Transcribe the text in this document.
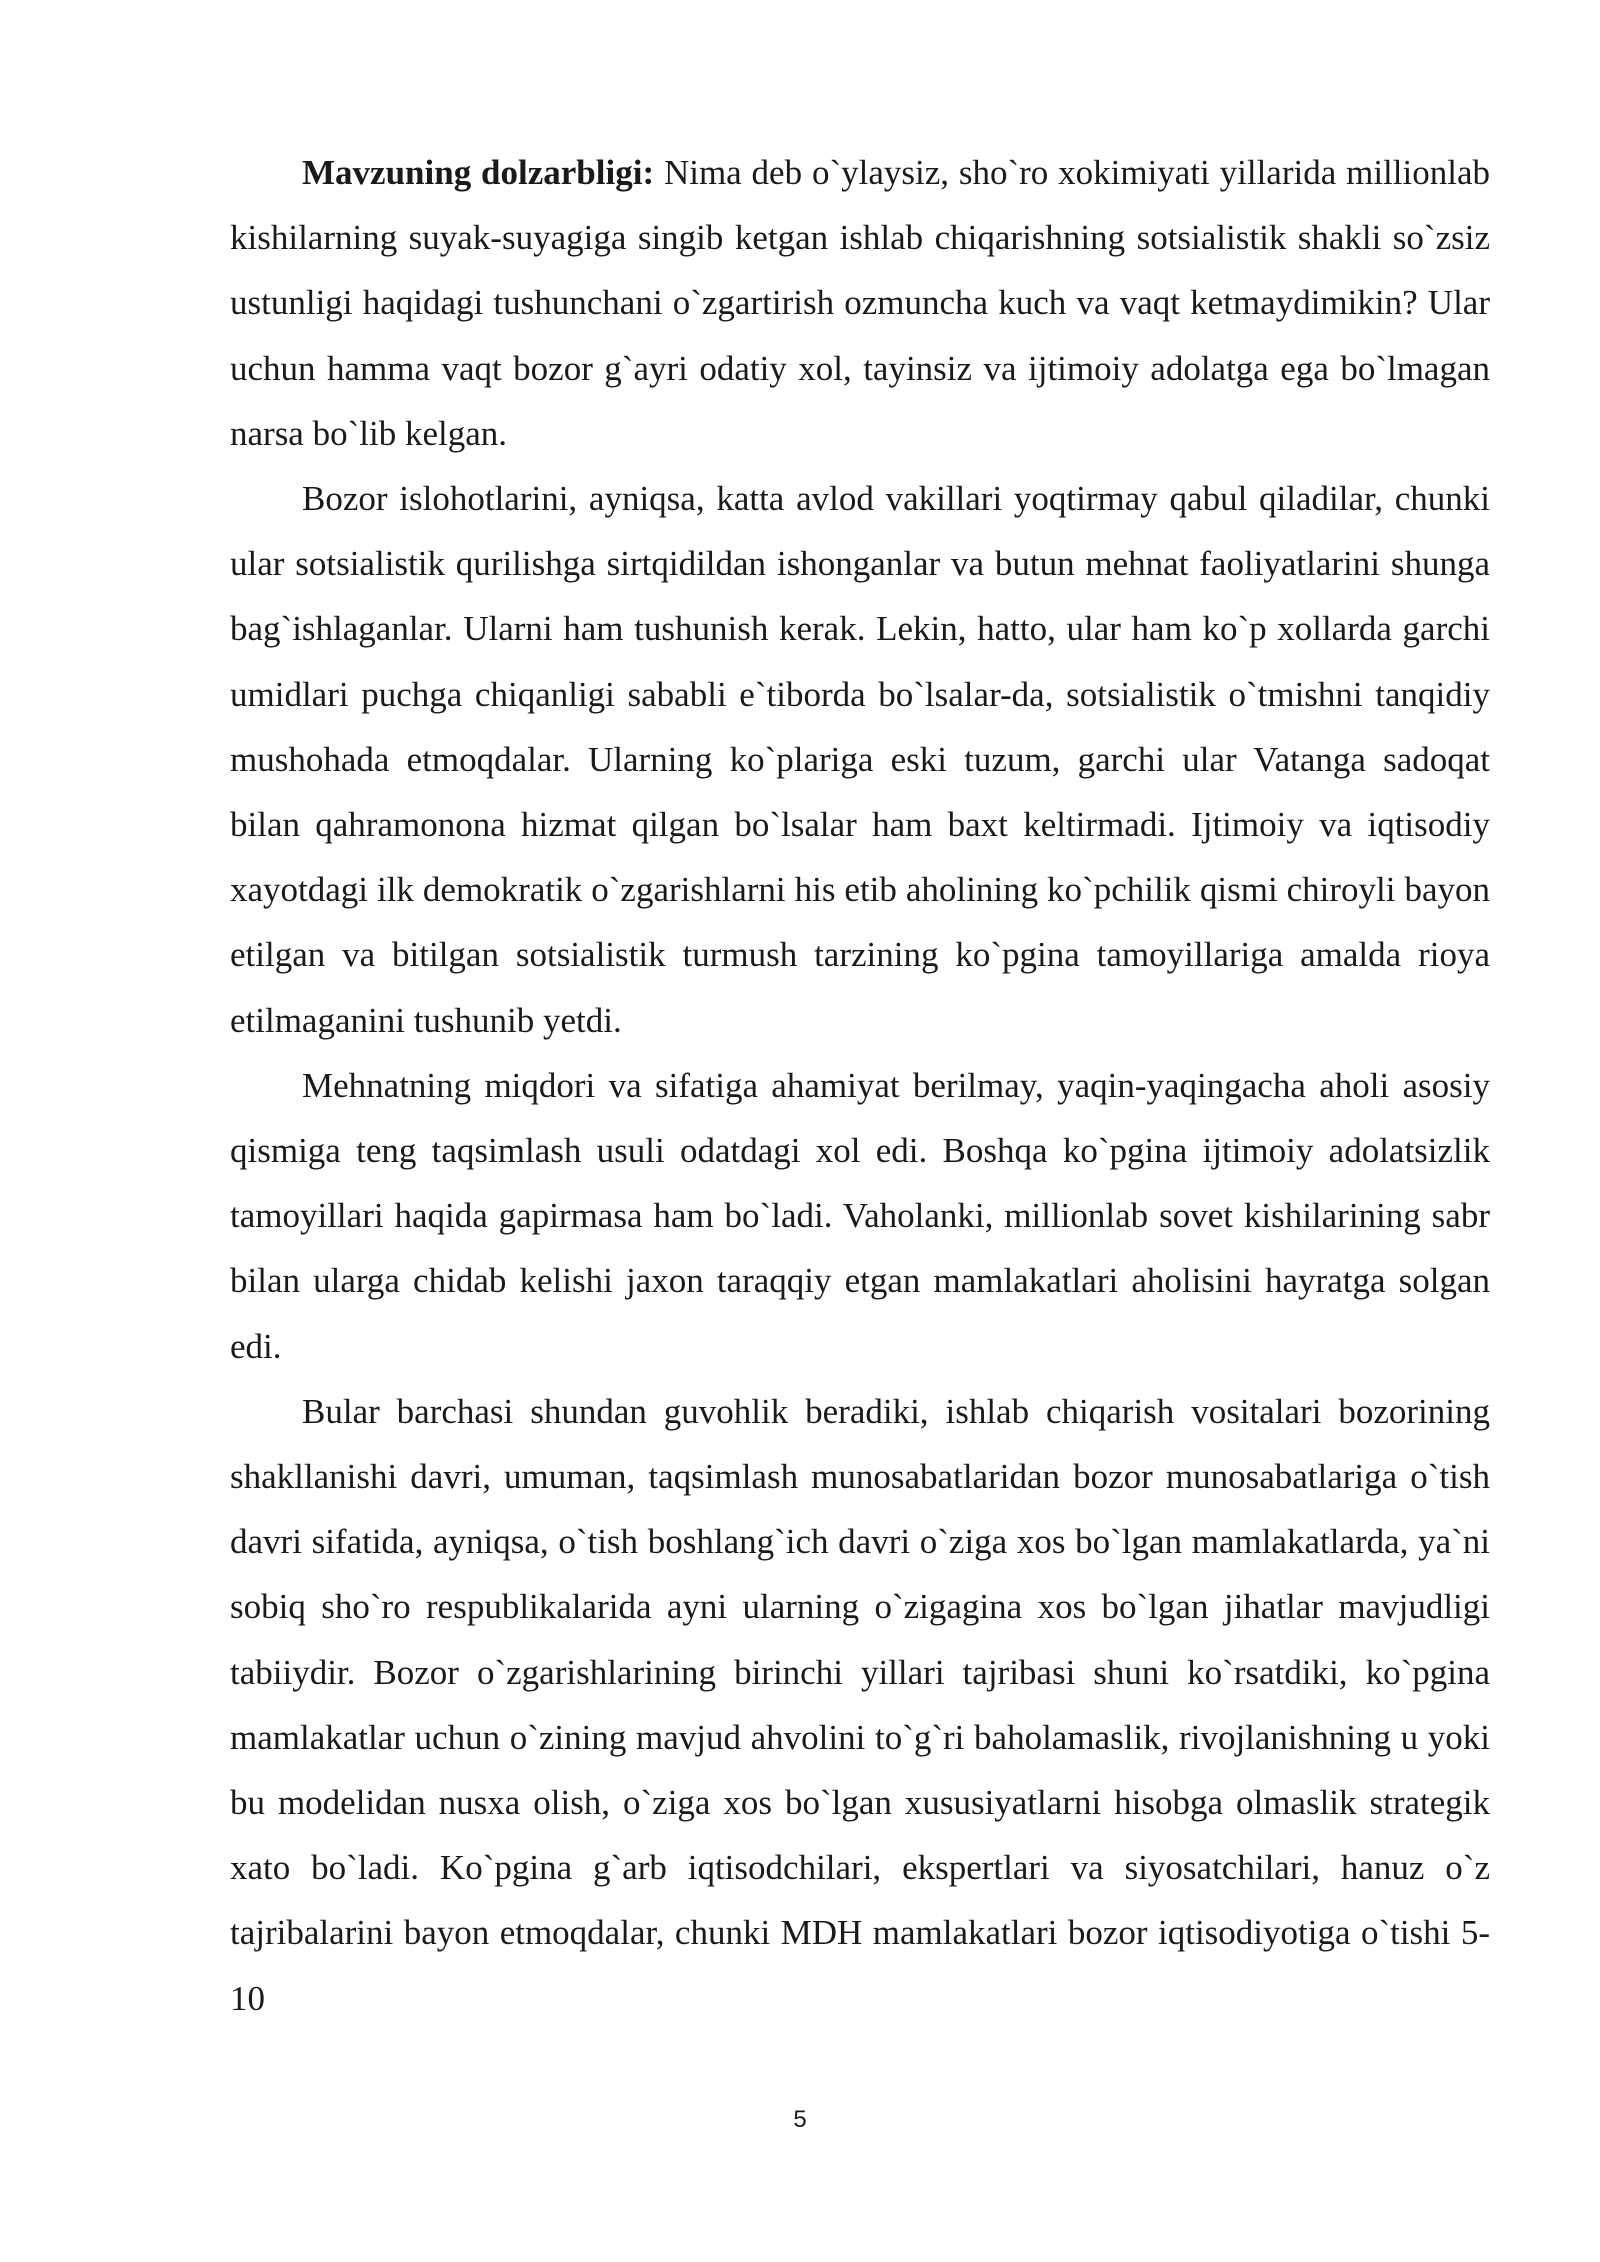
Mavzuning dolzarbligi: Nima deb o`ylaysiz, sho`ro xokimiyati yillarida millionlab kishilarning suyak-suyagiga singib ketgan ishlab chiqarishning sotsialistik shakli so`zsiz ustunligi haqidagi tushunchani o`zgartirish ozmuncha kuch va vaqt ketmaydimikin? Ular uchun hamma vaqt bozor g`ayri odatiy xol, tayinsiz va ijtimoiy adolatga ega bo`lmagan narsa bo`lib kelgan.

Bozor islohotlarini, ayniqsa, katta avlod vakillari yoqtirmay qabul qiladilar, chunki ular sotsialistik qurilishga sirtqidildan ishonganlar va butun mehnat faoliyatlarini shunga bag`ishlaganlar. Ularni ham tushunish kerak. Lekin, hatto, ular ham ko`p xollarda garchi umidlari puchga chiqanligi sababli e`tiborda bo`lsalar-da, sotsialistik o`tmishni tanqidiy mushohada etmoqdalar. Ularning ko`plariga eski tuzum, garchi ular Vatanga sadoqat bilan qahramonona hizmat qilgan bo`lsalar ham baxt keltirmadi. Ijtimoiy va iqtisodiy xayotdagi ilk demokratik o`zgarishlarni his etib aholining ko`pchilik qismi chiroyli bayon etilgan va bitilgan sotsialistik turmush tarzining ko`pgina tamoyillariga amalda rioya etilmaganini tushunib yetdi.

Mehnatning miqdori va sifatiga ahamiyat berilmay, yaqin-yaqingacha aholi asosiy qismiga teng taqsimlash usuli odatdagi xol edi. Boshqa ko`pgina ijtimoiy adolatsizlik tamoyillari haqida gapirmasa ham bo`ladi. Vaholanki, millionlab sovet kishilarining sabr bilan ularga chidab kelishi jaxon taraqqiy etgan mamlakatlari aholisini hayratga solgan edi.

Bular barchasi shundan guvohlik beradiki, ishlab chiqarish vositalari bozorining shakllanishi davri, umuman, taqsimlash munosabatlaridan bozor munosabatlariga o`tish davri sifatida, ayniqsa, o`tish boshlang`ich davri o`ziga xos bo`lgan mamlakatlarda, ya`ni sobiq sho`ro respublikalarida ayni ularning o`zigagina xos bo`lgan jihatlar mavjudligi tabiiydir. Bozor o`zgarishlarining birinchi yillari tajribasi shuni ko`rsatdiki, ko`pgina mamlakatlar uchun o`zining mavjud ahvolini to`g`ri baholamaslik, rivojlanishning u yoki bu modelidan nusxa olish, o`ziga xos bo`lgan xususiyatlarni hisobga olmaslik strategik xato bo`ladi. Ko`pgina g`arb iqtisodchilari, ekspertlari va siyosatchilari, hanuz o`z tajribalarini bayon etmoqdalar, chunki MDH mamlakatlari bozor iqtisodiyotiga o`tishi 5-10

5
